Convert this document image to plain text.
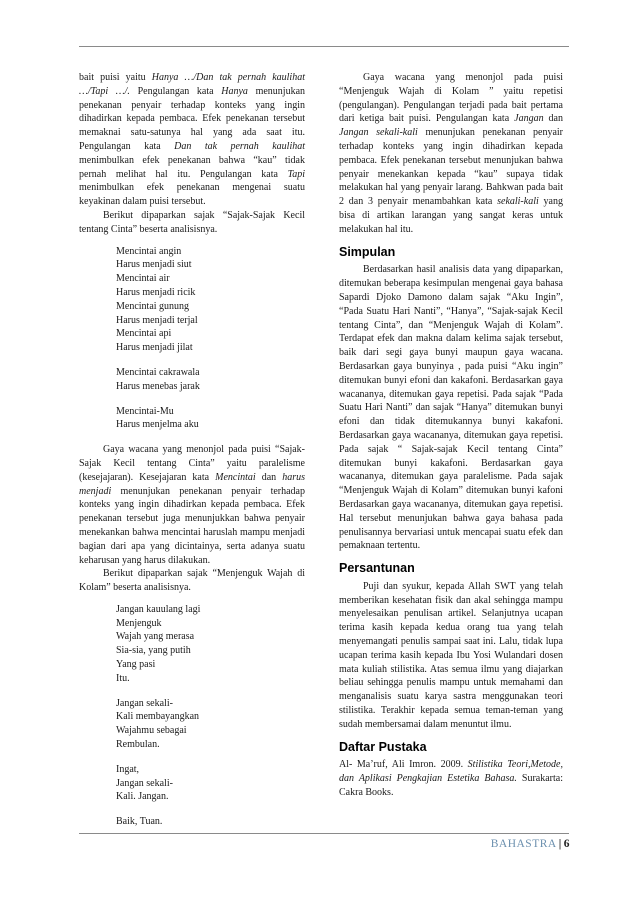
bait puisi yaitu Hanya …/Dan tak pernah kaulihat …/Tapi …/. Pengulangan kata Hanya menunjukan penekanan penyair terhadap konteks yang ingin dihadirkan kepada pembaca. Efek penekanan tersebut memaknai satu-satunya hal yang ada saat itu. Pengulangan kata Dan tak pernah kaulihat menimbulkan efek penekanan bahwa “kau” tidak pernah melihat hal itu. Pengulangan kata Tapi menimbulkan efek penekanan mengenai suatu keyakinan dalam puisi tersebut.

Berikut dipaparkan sajak “Sajak-Sajak Kecil tentang Cinta” beserta analisisnya.

Mencintai angin
Harus menjadi siut
Mencintai air
Harus menjadi ricik
Mencintai gunung
Harus menjadi terjal
Mencintai api
Harus menjadi jilat
Mencintai cakrawala
Harus menebas jarak
Mencintai-Mu
Harus menjelma aku

Gaya wacana yang menonjol pada puisi “Sajak-Sajak Kecil tentang Cinta” yaitu paralelisme (kesejajaran). Kesejajaran kata Mencintai dan harus menjadi menunjukan penekanan penyair terhadap konteks yang ingin dihadirkan kepada pembaca. Efek penekanan tersebut juga menunjukkan bahwa penyair menekankan bahwa mencintai haruslah mampu menjadi bagian dari apa yang dicintainya, serta adanya suatu keharusan yang harus dilakukan.

Berikut dipaparkan sajak “Menjenguk Wajah di Kolam” beserta analisisnya.

Jangan kauulang lagi
Menjenguk
Wajah yang merasa
Sia-sia, yang putih
Yang pasi
Itu.
Jangan sekali-
Kali membayangkan
Wajahmu sebagai
Rembulan.
Ingat,
Jangan sekali-
Kali. Jangan.
Baik, Tuan.

Gaya wacana yang menonjol pada puisi “Menjenguk Wajah di Kolam ” yaitu repetisi (pengulangan). Pengulangan terjadi pada bait pertama dari ketiga bait puisi. Pengulangan kata Jangan dan Jangan sekali-kali menunjukan penekanan penyair terhadap konteks yang ingin dihadirkan kepada pembaca. Efek penekanan tersebut menunjukan bahwa penyair menekankan kepada “kau” supaya tidak melakukan hal yang penyair larang. Bahkwan pada bait 2 dan 3 penyair menambahkan kata sekali-kali yang bisa di artikan larangan yang sangat keras untuk melakukan hal itu.

Simpulan

Berdasarkan hasil analisis data yang dipaparkan, ditemukan beberapa kesimpulan mengenai gaya bahasa Sapardi Djoko Damono dalam sajak “Aku Ingin”, “Pada Suatu Hari Nanti”, “Hanya”, “Sajak-sajak Kecil tentang Cinta”, dan “Menjenguk Wajah di Kolam”. Terdapat efek dan makna dalam kelima sajak tersebut, baik dari segi gaya bunyi maupun gaya wacana. Berdasarkan gaya bunyinya , pada puisi “Aku ingin” ditemukan bunyi efoni dan kakafoni. Berdasarkan gaya wacananya, ditemukan gaya repetisi. Pada sajak “Pada Suatu Hari Nanti” dan sajak “Hanya” ditemukan bunyi efoni dan tidak ditemukannya bunyi kakafoni. Berdasarkan gaya wacananya, ditemukan gaya repetisi. Pada sajak “ Sajak-sajak Kecil tentang Cinta” ditemukan bunyi kakafoni. Berdasarkan gaya wacananya, ditemukan gaya paralelisme. Pada sajak “Menjenguk Wajah di Kolam” ditemukan bunyi kafoni Berdasarkan gaya wacananya, ditemukan gaya repetisi. Hal tersebut menunjukan bahwa gaya bahasa pada penulisannya bervariasi untuk mencapai suatu efek dan pemaknaan tertentu.

Persantunan

Puji dan syukur, kepada Allah SWT yang telah memberikan kesehatan fisik dan akal sehingga mampu menyelesaikan penulisan artikel. Selanjutnya ucapan terima kasih kepada kedua orang tua yang telah menyemangati penulis sampai saat ini. Lalu, tidak lupa ucapan terima kasih kepada Ibu Yosi Wulandari dosen mata kuliah stilistika. Atas semua ilmu yang diajarkan beliau sehingga penulis mampu untuk memahami dan menganalisis suatu karya sastra menggunakan teori stilistika. Terakhir kepada semua teman-teman yang sudah membersamai dalam menuntut ilmu.

Daftar Pustaka

Al- Ma’ruf, Ali Imron. 2009. Stilistika Teori,Metode, dan Aplikasi Pengkajian Estetika Bahasa. Surakarta: Cakra Books.

BAHASTRA | 6
